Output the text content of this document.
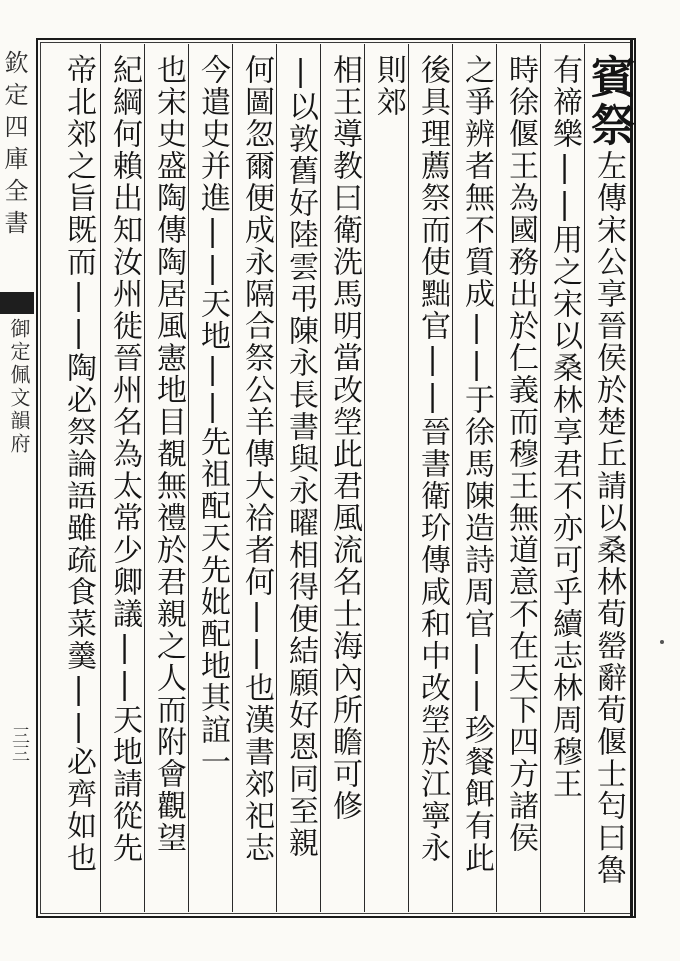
欽定四庫全書
御定佩文韻府
三三
賓祭左傳宋公享晉侯於楚丘請以桑林荀罃辭荀偃士匄曰魯
有禘樂||用之宋以桑林享君不亦可乎續志林周穆王
時徐偃王為國務出於仁義而穆王無道意不在天下四方諸侯
之爭辨者無不質成||于徐馬陳造詩周官||珍餐餌有此
後具理薦祭而使黜官||晉書衛玠傳咸和中改塋於江寧永
則郊
相王導教曰衛洗馬明當改塋此君風流名士海內所瞻可修
|以敦舊好陸雲弔陳永長書與永曜相得便結願好恩同至親
何圖忽爾便成永隔合祭公羊傳大祫者何||也漢書郊祀志
今遣史并進||天地||先祖配天先妣配地其誼一
也宋史盛陶傳陶居風憲地目覩無禮於君親之人而附會觀望
紀綱何賴出知汝州徙晉州名為太常少卿議||天地請從先
帝北郊之旨既而||陶必祭論語雖疏食菜羹||必齊如也
